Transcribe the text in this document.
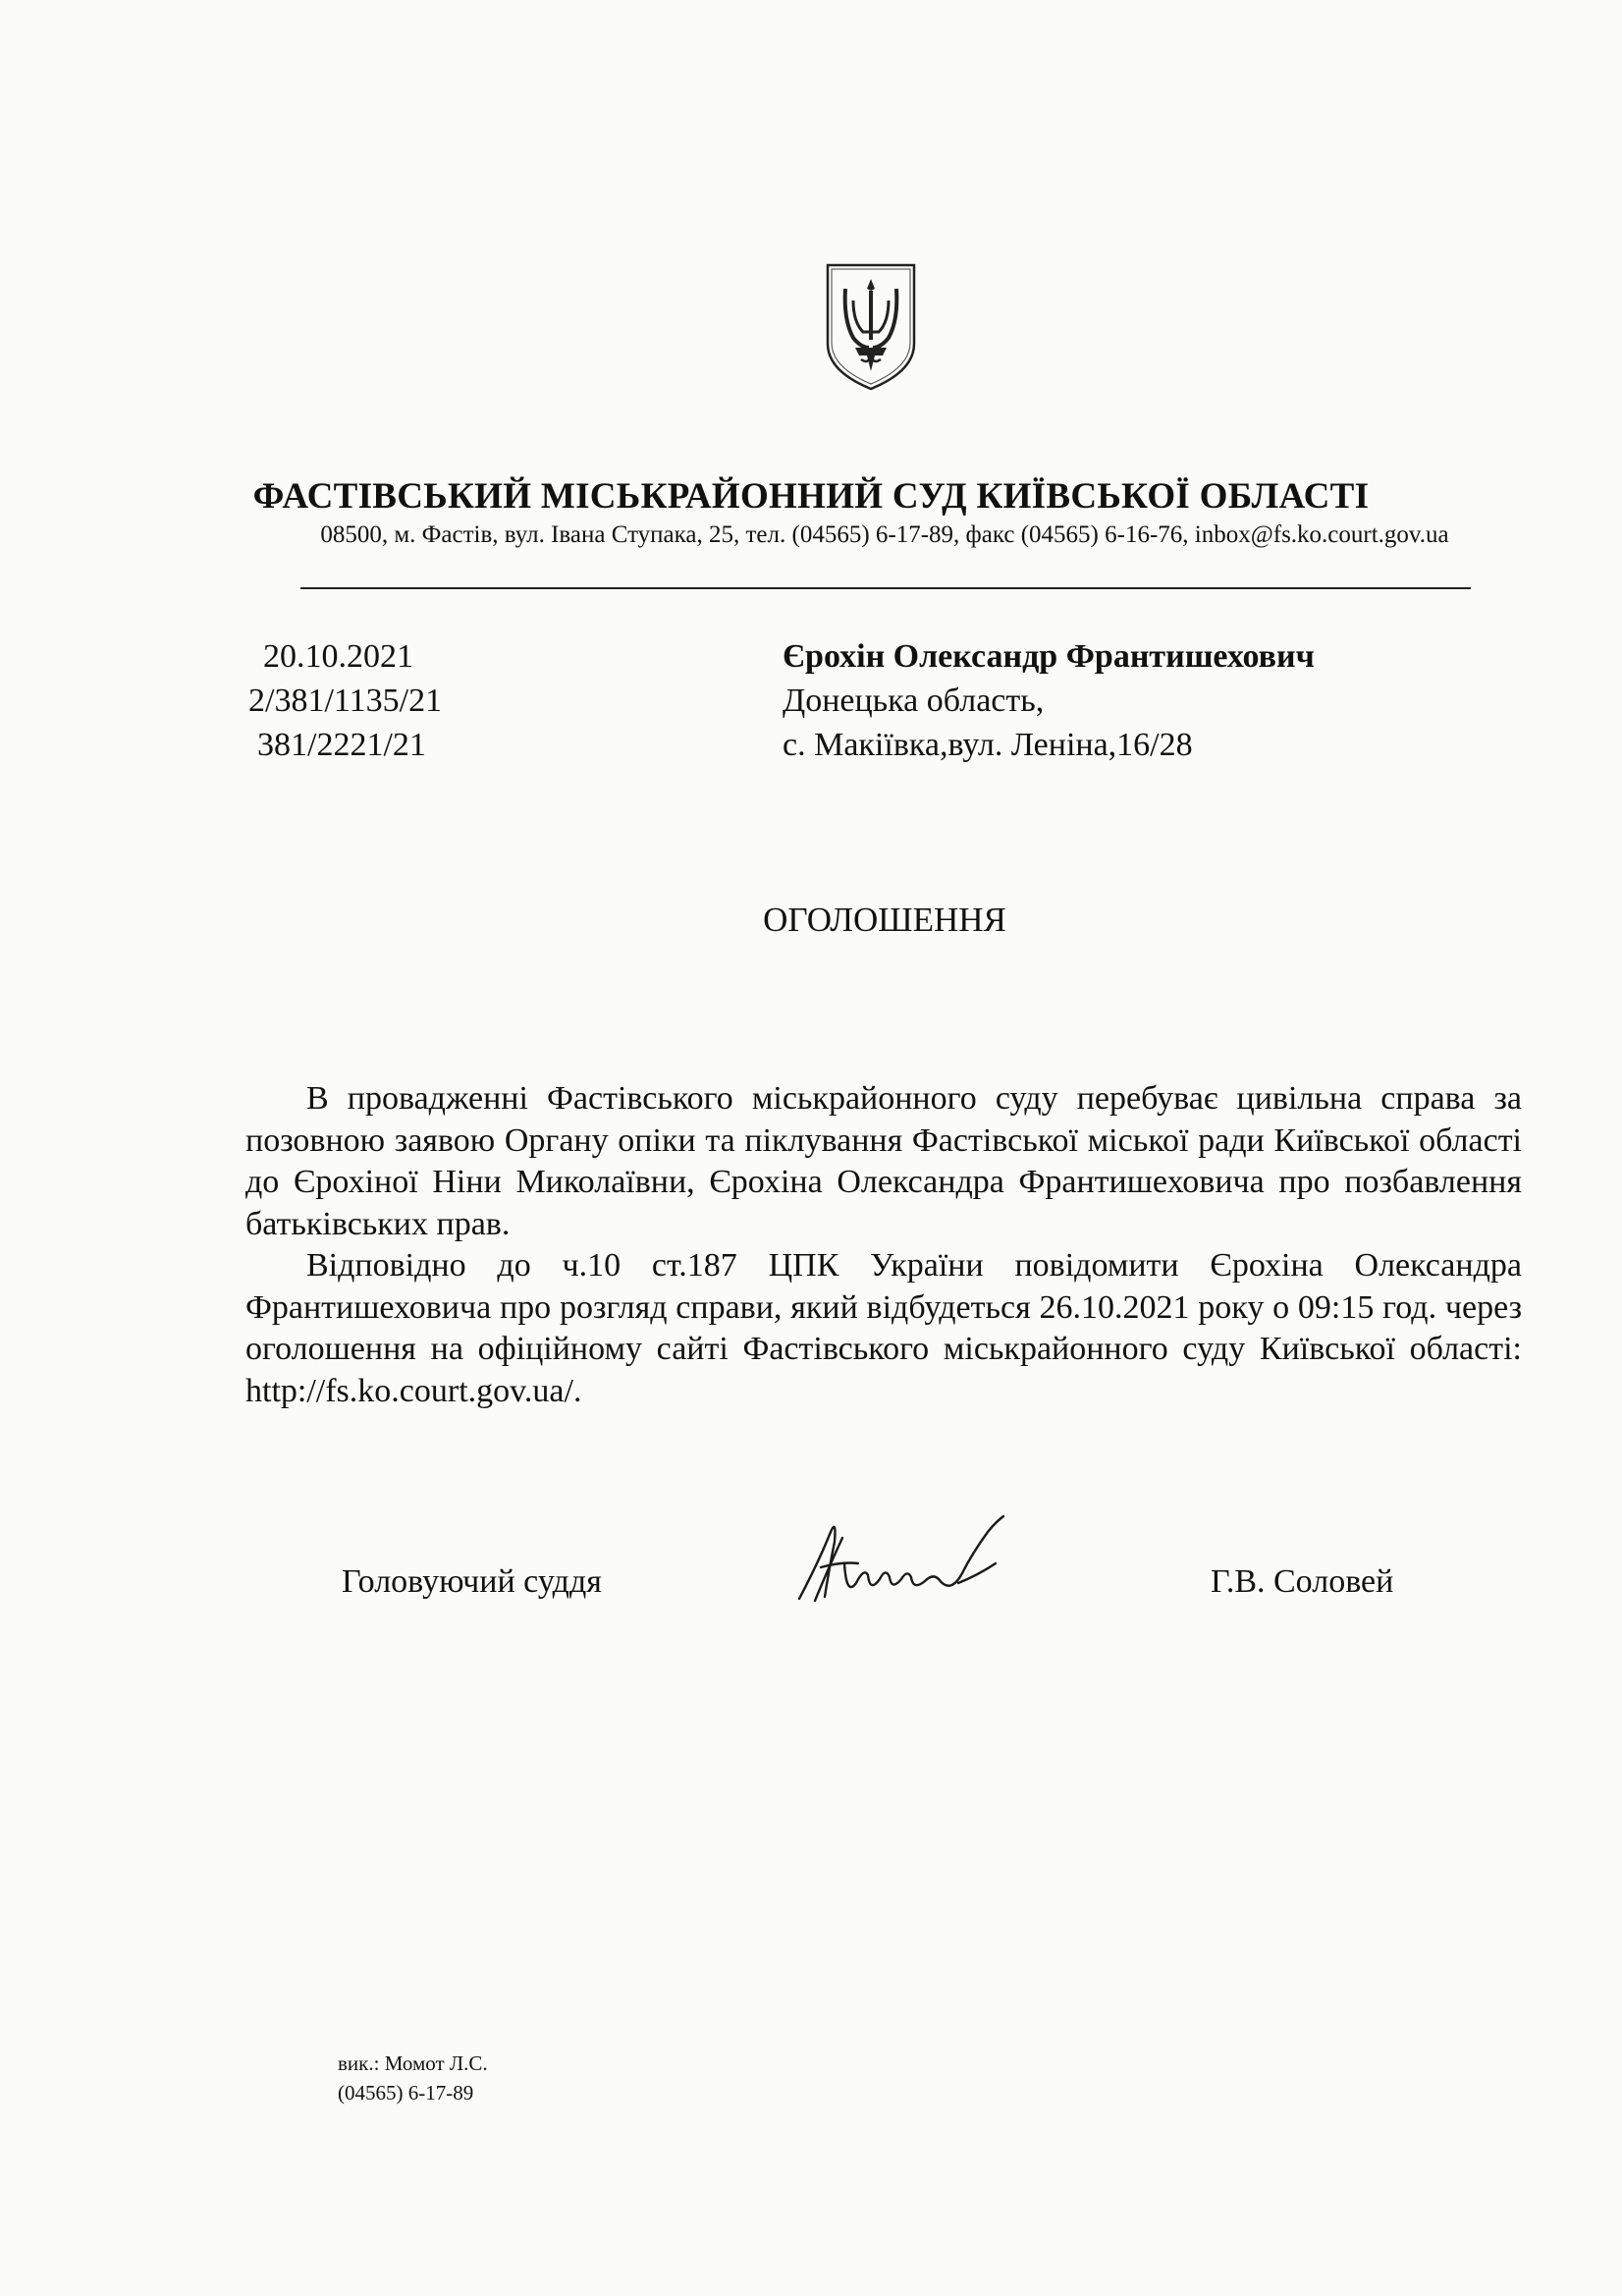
ФАСТІВСЬКИЙ МІСЬКРАЙОННИЙ СУД КИЇВСЬКОЇ ОБЛАСТІ
08500, м. Фастів, вул. Івана Ступака, 25, тел. (04565) 6-17-89, факс (04565) 6-16-76, inbox@fs.ko.court.gov.ua
20.10.2021
2/381/1135/21
381/2221/21
Єрохін Олександр Франтишехович
Донецька область,
с. Макіївка,вул. Леніна,16/28
ОГОЛОШЕННЯ

В провадженні Фастівського міськрайонного суду перебуває цивільна справа за позовною заявою Органу опіки та піклування Фастівської міської ради Київської області до Єрохіної Ніни Миколаївни, Єрохіна Олександра Франтишеховича про позбавлення батьківських прав.

Відповідно до ч.10 ст.187 ЦПК України повідомити Єрохіна Олександра Франтишеховича про розгляд справи, який відбудеться 26.10.2021 року о 09:15 год. через оголошення на офіційному сайті Фастівського міськрайонного суду Київської області: http://fs.ko.court.gov.ua/.

Головуючий суддя	Г.В. Соловей
вик.: Момот Л.С.
(04565) 6-17-89
